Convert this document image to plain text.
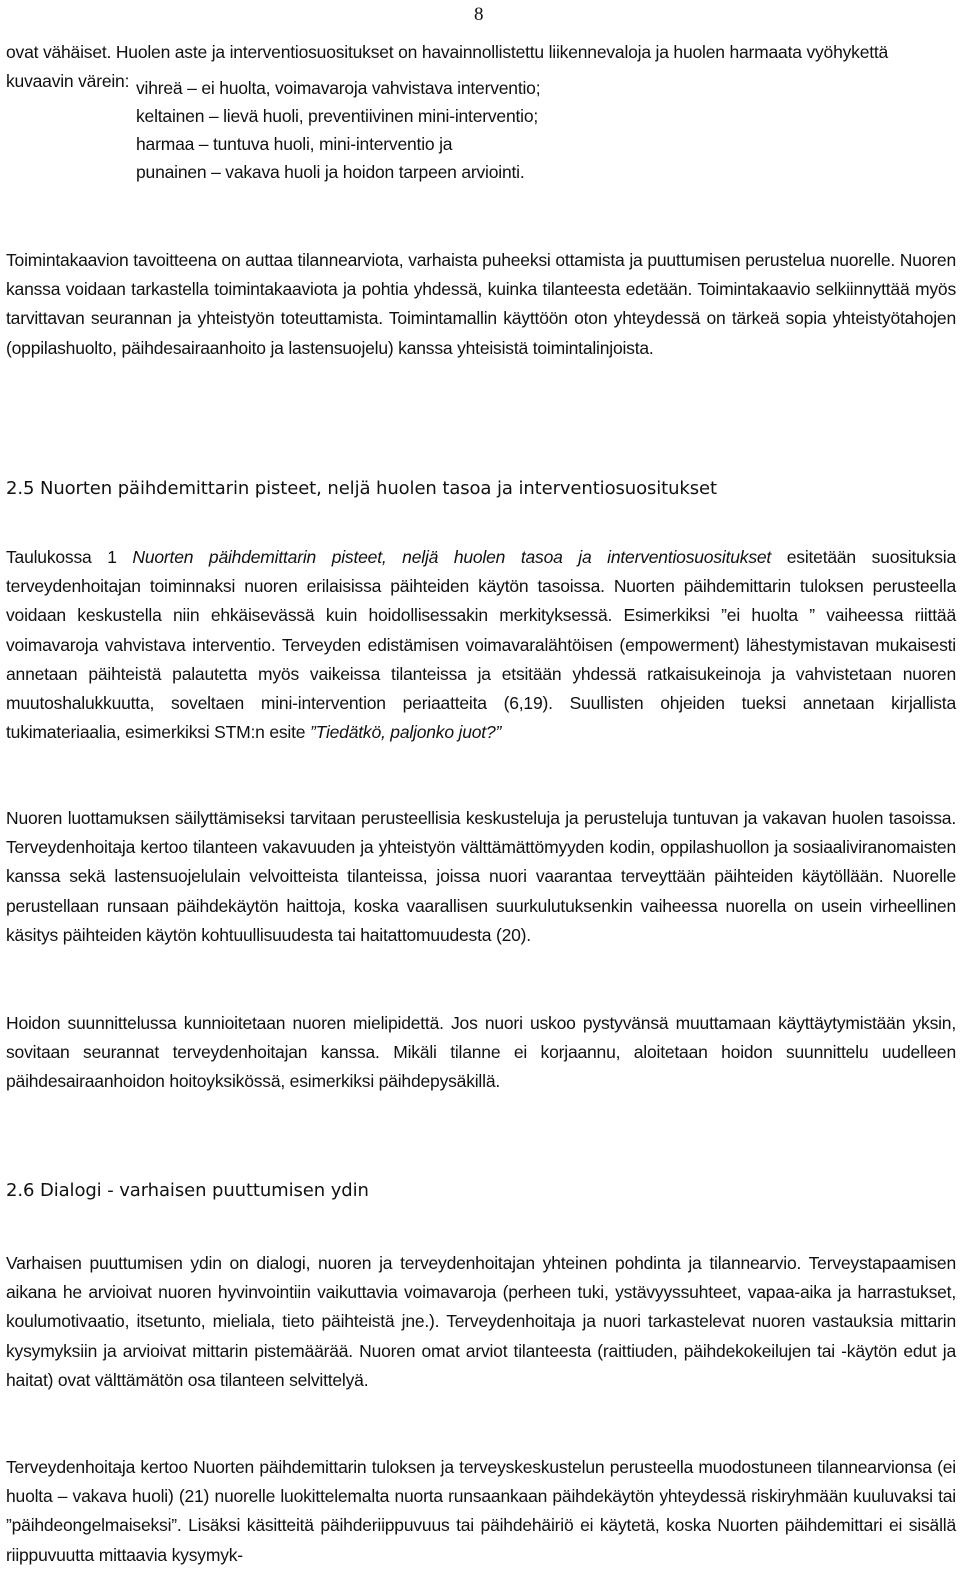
8

ovat vähäiset. Huolen aste ja interventiosuositukset on havainnollistettu liikennevaloja ja huolen harmaata vyöhykettä kuvaavin värein: vihreä – ei huolta, voimavaroja vahvistava interventio;
keltainen – lievä huoli, preventiivinen mini-interventio;
harmaa – tuntuva huoli, mini-interventio ja
punainen – vakava huoli ja hoidon tarpeen arviointi.

Toimintakaavion tavoitteena on auttaa tilannearviota, varhaista puheeksi ottamista ja puuttumisen perustelua nuorelle. Nuoren kanssa voidaan tarkastella toimintakaaviota ja pohtia yhdessä, kuinka tilanteesta edetään. Toimintakaavio selkiinnyttää myös tarvittavan seurannan ja yhteistyön toteuttamista. Toimintamallin käyttöön oton yhteydessä on tärkeä sopia yhteistyötahojen (oppilashuolto, päihdesairaanhoito ja lastensuojelu) kanssa yhteisistä toimintalinjoista.

2.5 Nuorten päihdemittarin pisteet, neljä huolen tasoa ja interventiosuositukset

Taulukossa 1 Nuorten päihdemittarin pisteet, neljä huolen tasoa ja interventiosuositukset esitetään suosituksia terveydenhoitajan toiminnaksi nuoren erilaisissa päihteiden käytön tasoissa. Nuorten päihdemittarin tuloksen perusteella voidaan keskustella niin ehkäisevässä kuin hoidollisessakin merkityksessä. Esimerkiksi ”ei huolta ” vaiheessa riittää voimavaroja vahvistava interventio. Terveyden edistämisen voimavaralähtöisen (empowerment) lähestymistavan mukaisesti annetaan päihteistä palautetta myös vaikeissa tilanteissa ja etsitään yhdessä ratkaisukeinoja ja vahvistetaan nuoren muutoshalukkuutta, soveltaen mini-intervention periaatteita (6,19). Suullisten ohjeiden tueksi annetaan kirjallista tukimateriaalia, esimerkiksi STM:n esite ”Tiedätkö, paljonko juot?”

Nuoren luottamuksen säilyttämiseksi tarvitaan perusteellisia keskusteluja ja perusteluja tuntuvan ja vakavan huolen tasoissa. Terveydenhoitaja kertoo tilanteen vakavuuden ja yhteistyön välttämättömyyden kodin, oppilashuollon ja sosiaaliviranomaisten kanssa sekä lastensuojelulain velvoitteista tilanteissa, joissa nuori vaarantaa terveyttään päihteiden käytöllään. Nuorelle perustellaan runsaan päihdekäytön haittoja, koska vaarallisen suurkulutuksenkin vaiheessa nuorella on usein virheellinen käsitys päihteiden käytön kohtuullisuudesta tai haitattomuudesta (20).

Hoidon suunnittelussa kunnioitetaan nuoren mielipidettä. Jos nuori uskoo pystyvänsä muuttamaan käyttäytymistään yksin, sovitaan seurannat terveydenhoitajan kanssa. Mikäli tilanne ei korjaannu, aloitetaan hoidon suunnittelu uudelleen päihdesairaanhoidon hoitoyksikössä, esimerkiksi päihdepysäkillä.

2.6 Dialogi - varhaisen puuttumisen ydin

Varhaisen puuttumisen ydin on dialogi, nuoren ja terveydenhoitajan yhteinen pohdinta ja tilannearvio. Terveystapaamisen aikana he arvioivat nuoren hyvinvointiin vaikuttavia voimavaroja (perheen tuki, ystävyyssuhteet, vapaa-aika ja harrastukset, koulumotivaatio, itsetunto, mieliala, tieto päihteistä jne.). Terveydenhoitaja ja nuori tarkastelevat nuoren vastauksia mittarin kysymyksiin ja arvioivat mittarin pistemäärää. Nuoren omat arviot tilanteesta (raittiuden, päihdekokeilujen tai -käytön edut ja haitat) ovat välttämätön osa tilanteen selvittelyä.

Terveydenhoitaja kertoo Nuorten päihdemittarin tuloksen ja terveyskeskustelun perusteella muodostuneen tilannearvionsa (ei huolta – vakava huoli) (21) nuorelle luokittelemalta nuorta runsaankaan päihdekäytön yhteydessä riskiryhmään kuuluvaksi tai ”päihdeongelmaiseksi”. Lisäksi käsitteitä päihderiippuvuus tai päihdehäiriö ei käytetä, koska Nuorten päihdemittari ei sisällä riippuvuutta mittaavia kysymyk-
